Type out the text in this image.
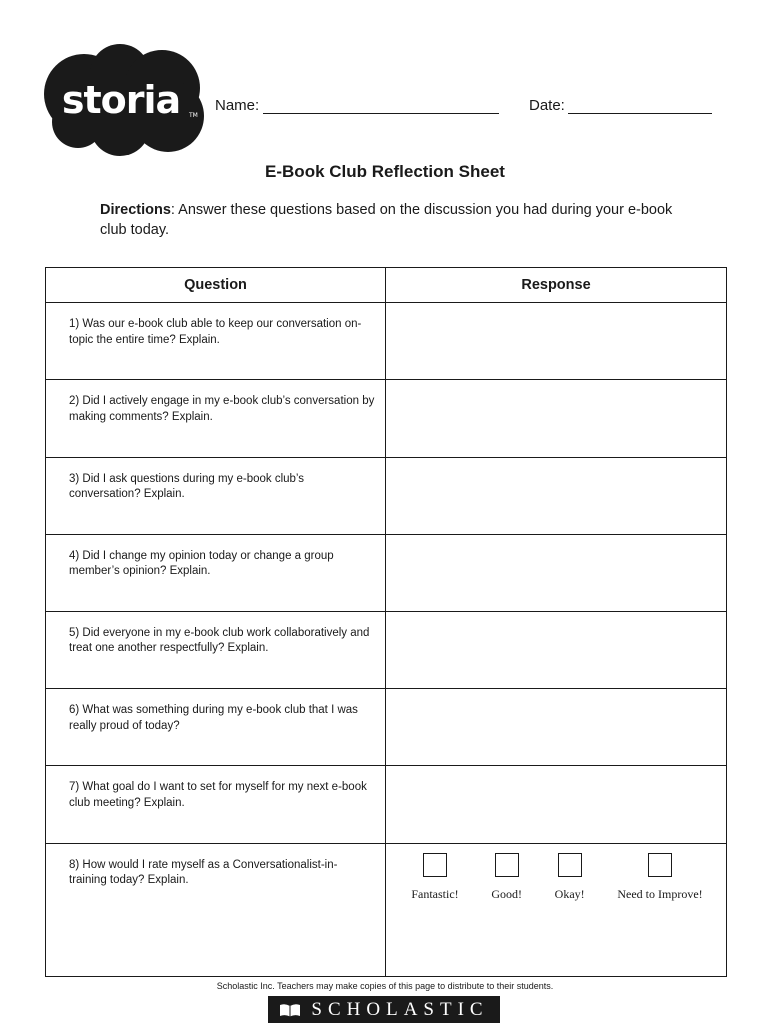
storia TM
Name:	Date:
E-Book Club Reflection Sheet
Directions: Answer these questions based on the discussion you had during your e-book club today.
Question	Response
1) Was our e-book club able to keep our conversation on-topic the entire time? Explain.	
2) Did I actively engage in my e-book club’s conversation by making comments? Explain.	
3) Did I ask questions during my e-book club’s conversation? Explain.	
4) Did I change my opinion today or change a group member’s opinion? Explain.	
5) Did everyone in my e-book club work collaboratively and treat one another respectfully? Explain.	
6) What was something during my e-book club that I was really proud of today?	
7) What goal do I want to set for myself for my next e-book club meeting? Explain.	
8) How would I rate myself as a Conversationalist-in-training today? Explain.	Fantastic! Good! Okay! Need to Improve!
Scholastic Inc. Teachers may make copies of this page to distribute to their students.
SCHOLASTIC
